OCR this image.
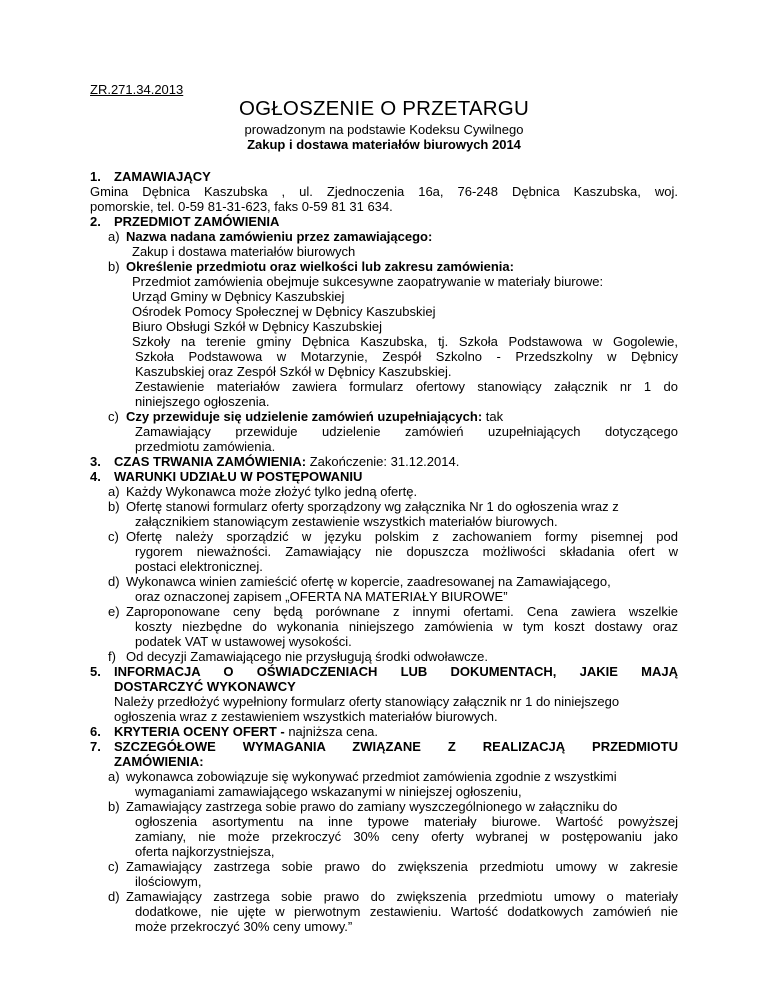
ZR.271.34.2013
OGŁOSZENIE O PRZETARGU
prowadzonym na podstawie Kodeksu Cywilnego
Zakup i dostawa materiałów biurowych 2014
1. ZAMAWIAJĄCY
Gmina Dębnica Kaszubska , ul. Zjednoczenia 16a, 76-248 Dębnica Kaszubska, woj.
pomorskie, tel. 0-59 81-31-623, faks 0-59 81 31 634.
2. PRZEDMIOT ZAMÓWIENIA
a) Nazwa nadana zamówieniu przez zamawiającego:
Zakup i dostawa materiałów biurowych
b) Określenie przedmiotu oraz wielkości lub zakresu zamówienia:
Przedmiot zamówienia obejmuje sukcesywne zaopatrywanie w materiały biurowe:
Urząd Gminy w Dębnicy Kaszubskiej
Ośrodek Pomocy Społecznej w Dębnicy Kaszubskiej
Biuro Obsługi Szkół w Dębnicy Kaszubskiej
Szkoły na terenie gminy Dębnica Kaszubska, tj. Szkoła Podstawowa w Gogolewie,
Szkoła Podstawowa w Motarzynie, Zespół Szkolno - Przedszkolny w Dębnicy
Kaszubskiej oraz Zespół Szkół w Dębnicy Kaszubskiej.
Zestawienie materiałów zawiera formularz ofertowy stanowiący załącznik nr 1 do
niniejszego ogłoszenia.
c) Czy przewiduje się udzielenie zamówień uzupełniających: tak
Zamawiający przewiduje udzielenie zamówień uzupełniających dotyczącego
przedmiotu zamówienia.
3. CZAS TRWANIA ZAMÓWIENIA: Zakończenie: 31.12.2014.
4. WARUNKI UDZIAŁU W POSTĘPOWANIU
a) Każdy Wykonawca może złożyć tylko jedną ofertę.
b) Ofertę stanowi formularz oferty sporządzony wg załącznika Nr 1 do ogłoszenia wraz z
załącznikiem stanowiącym zestawienie wszystkich materiałów biurowych.
c) Ofertę należy sporządzić w języku polskim z zachowaniem formy pisemnej pod
rygorem nieważności. Zamawiający nie dopuszcza możliwości składania ofert w
postaci elektronicznej.
d) Wykonawca winien zamieścić ofertę w kopercie, zaadresowanej na Zamawiającego,
oraz oznaczonej zapisem „OFERTA NA MATERIAŁY BIUROWE”
e) Zaproponowane ceny będą porównane z innymi ofertami. Cena zawiera wszelkie
koszty niezbędne do wykonania niniejszego zamówienia w tym koszt dostawy oraz
podatek VAT w ustawowej wysokości.
f) Od decyzji Zamawiającego nie przysługują środki odwoławcze.
5. INFORMACJA O OŚWIADCZENIACH LUB DOKUMENTACH, JAKIE MAJĄ
DOSTARCZYĆ WYKONAWCY
Należy przedłożyć wypełniony formularz oferty stanowiący załącznik nr 1 do niniejszego
ogłoszenia wraz z zestawieniem wszystkich materiałów biurowych.
6. KRYTERIA OCENY OFERT - najniższa cena.
7. SZCZEGÓŁOWE WYMAGANIA ZWIĄZANE Z REALIZACJĄ PRZEDMIOTU
ZAMÓWIENIA:
a) wykonawca zobowiązuje się wykonywać przedmiot zamówienia zgodnie z wszystkimi
wymaganiami zamawiającego wskazanymi w niniejszej ogłoszeniu,
b) Zamawiający zastrzega sobie prawo do zamiany wyszczególnionego w załączniku do
ogłoszenia asortymentu na inne typowe materiały biurowe. Wartość powyższej
zamiany, nie może przekroczyć 30% ceny oferty wybranej w postępowaniu jako
oferta najkorzystniejsza,
c) Zamawiający zastrzega sobie prawo do zwiększenia przedmiotu umowy w zakresie
ilościowym,
d) Zamawiający zastrzega sobie prawo do zwiększenia przedmiotu umowy o materiały
dodatkowe, nie ujęte w pierwotnym zestawieniu. Wartość dodatkowych zamówień nie
może przekroczyć 30% ceny umowy.”
